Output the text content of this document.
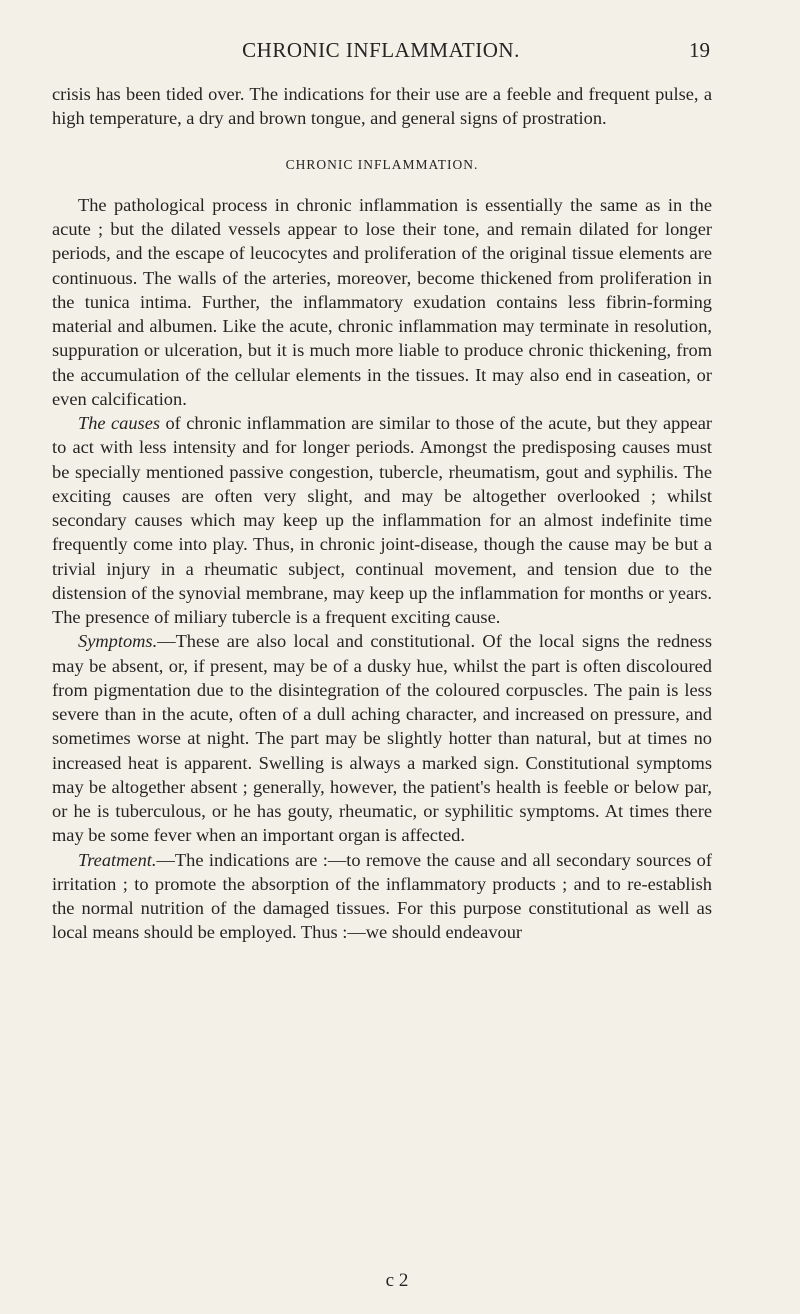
CHRONIC INFLAMMATION.	19

crisis has been tided over. The indications for their use are a feeble and frequent pulse, a high temperature, a dry and brown tongue, and general signs of prostration.

CHRONIC INFLAMMATION.

The pathological process in chronic inflammation is essentially the same as in the acute ; but the dilated vessels appear to lose their tone, and remain dilated for longer periods, and the escape of leucocytes and proliferation of the original tissue elements are continuous. The walls of the arteries, moreover, become thickened from proliferation in the tunica intima. Further, the inflammatory exudation contains less fibrin-forming material and albumen. Like the acute, chronic inflammation may terminate in resolution, suppuration or ulceration, but it is much more liable to produce chronic thickening, from the accumulation of the cellular elements in the tissues. It may also end in caseation, or even calcification.

The causes of chronic inflammation are similar to those of the acute, but they appear to act with less intensity and for longer periods. Amongst the predisposing causes must be specially mentioned passive congestion, tubercle, rheumatism, gout and syphilis. The exciting causes are often very slight, and may be altogether overlooked ; whilst secondary causes which may keep up the inflammation for an almost indefinite time frequently come into play. Thus, in chronic joint-disease, though the cause may be but a trivial injury in a rheumatic subject, continual movement, and tension due to the distension of the synovial membrane, may keep up the inflammation for months or years. The presence of miliary tubercle is a frequent exciting cause.

Symptoms.—These are also local and constitutional. Of the local signs the redness may be absent, or, if present, may be of a dusky hue, whilst the part is often discoloured from pigmentation due to the disintegration of the coloured corpuscles. The pain is less severe than in the acute, often of a dull aching character, and increased on pressure, and sometimes worse at night. The part may be slightly hotter than natural, but at times no increased heat is apparent. Swelling is always a marked sign. Constitutional symptoms may be altogether absent ; generally, however, the patient's health is feeble or below par, or he is tuberculous, or he has gouty, rheumatic, or syphilitic symptoms. At times there may be some fever when an important organ is affected.

Treatment.—The indications are :—to remove the cause and all secondary sources of irritation ; to promote the absorption of the inflammatory products ; and to re-establish the normal nutrition of the damaged tissues. For this purpose constitutional as well as local means should be employed. Thus :—we should endeavour

c 2
